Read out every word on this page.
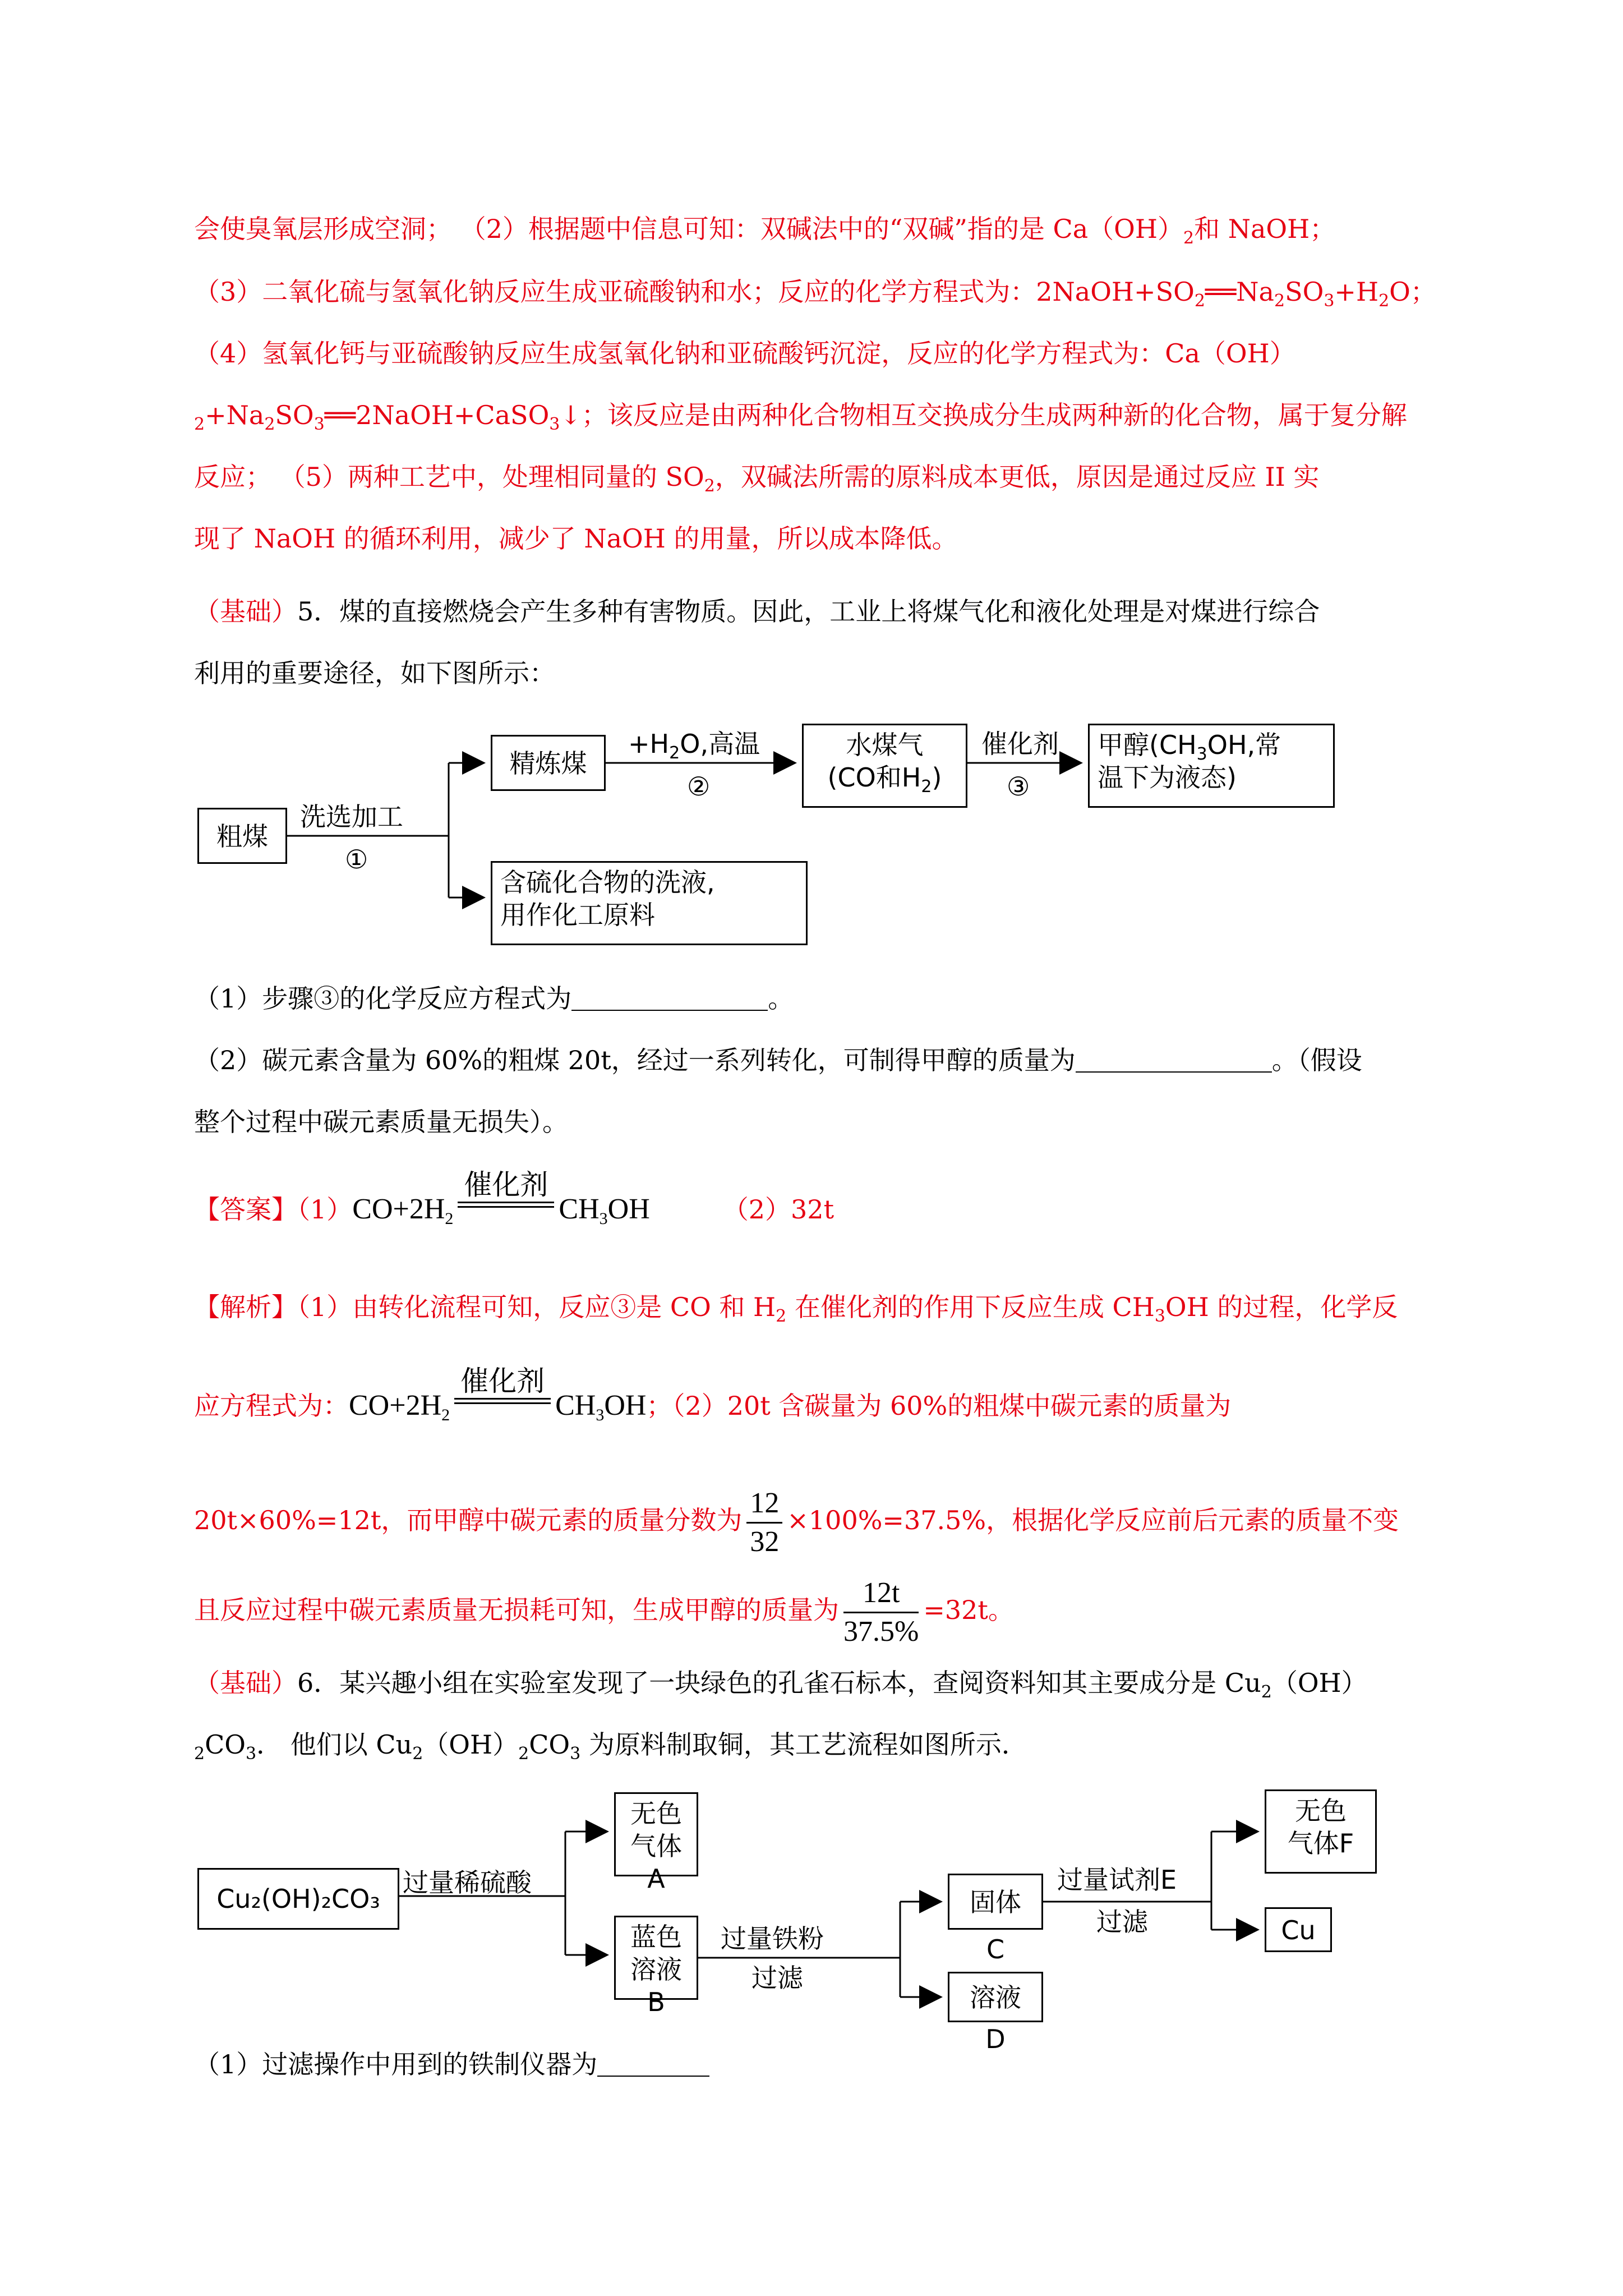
会使臭氧层形成空洞； （2）根据题中信息可知：双碱法中的“双碱”指的是 $Ca(OH)_2$和 NaOH；
（3）二氧化硫与氢氧化钠反应生成亚硫酸钠和水；反应的化学方程式为：$2NaOH+SO_2══Na_2SO_3+H_2O$；
（4）氢氧化钙与亚硫酸钠反应生成氢氧化钠和亚硫酸钙沉淀，反应的化学方程式为：Ca（OH）
$_2+Na_2SO_3══2NaOH+CaSO_3↓$；该反应是由两种化合物相互交换成分生成两种新的化合物，属于复分解
反应； （5）两种工艺中，处理相同量的 $SO_2$，双碱法所需的原料成本更低，原因是通过反应 II 实
现了 NaOH 的循环利用，减少了 NaOH 的用量，所以成本降低。
（基础）5．煤的直接燃烧会产生多种有害物质。因此，工业上将煤气化和液化处理是对煤进行综合
利用的重要途径，如下图所示：
粗煤
洗选加工
①
精炼煤
$+H_2O$,高温
②
水煤气
(CO和$H_2$)
催化剂
③
甲醇($CH_3OH$,常
温下为液态)
含硫化合物的洗液,
用作化工原料
（1）步骤③的化学反应方程式为	。
（2）碳元素含量为 60%的粗煤 20t，经过一系列转化，可制得甲醇的质量为	。（假设
整个过程中碳元素质量无损失）。
【答案】$(1)CO+2H_2$
催化剂
$CH_3OH$	（2）32t
【解析】（1）由转化流程可知，反应③是 CO 和 $H_2$ 在催化剂的作用下反应生成 $CH_3OH$ 的过程，化学反
应方程式为：$CO+2H_2$
催化剂
$CH_3OH$；（2）20t 含碳量为 60%的粗煤中碳元素的质量为
20t×60%=12t，而甲醇中碳元素的质量分数为 $\frac{12}{32} \times 100\%=37.5\%$，根据化学反应前后元素的质量不变
且反应过程中碳元素质量无损耗可知，生成甲醇的质量为 $\frac{12t}{37.5\%} =32t$。
（基础）6．某兴趣小组在实验室发现了一块绿色的孔雀石标本，查阅资料知其主要成分是 $Cu_2(OH)$
$_2CO_3$． 他们以 $Cu_2(OH)_2CO_3$ 为原料制取铜，其工艺流程如图所示．
Cu₂(OH)₂CO₃
过量稀硫酸
无色
气体 A
蓝色
溶液 B
过量铁粉
过滤
固体 C
溶液 D
过量试剂E
过滤
无色
气体F
Cu
（1）过滤操作中用到的铁制仪器为
